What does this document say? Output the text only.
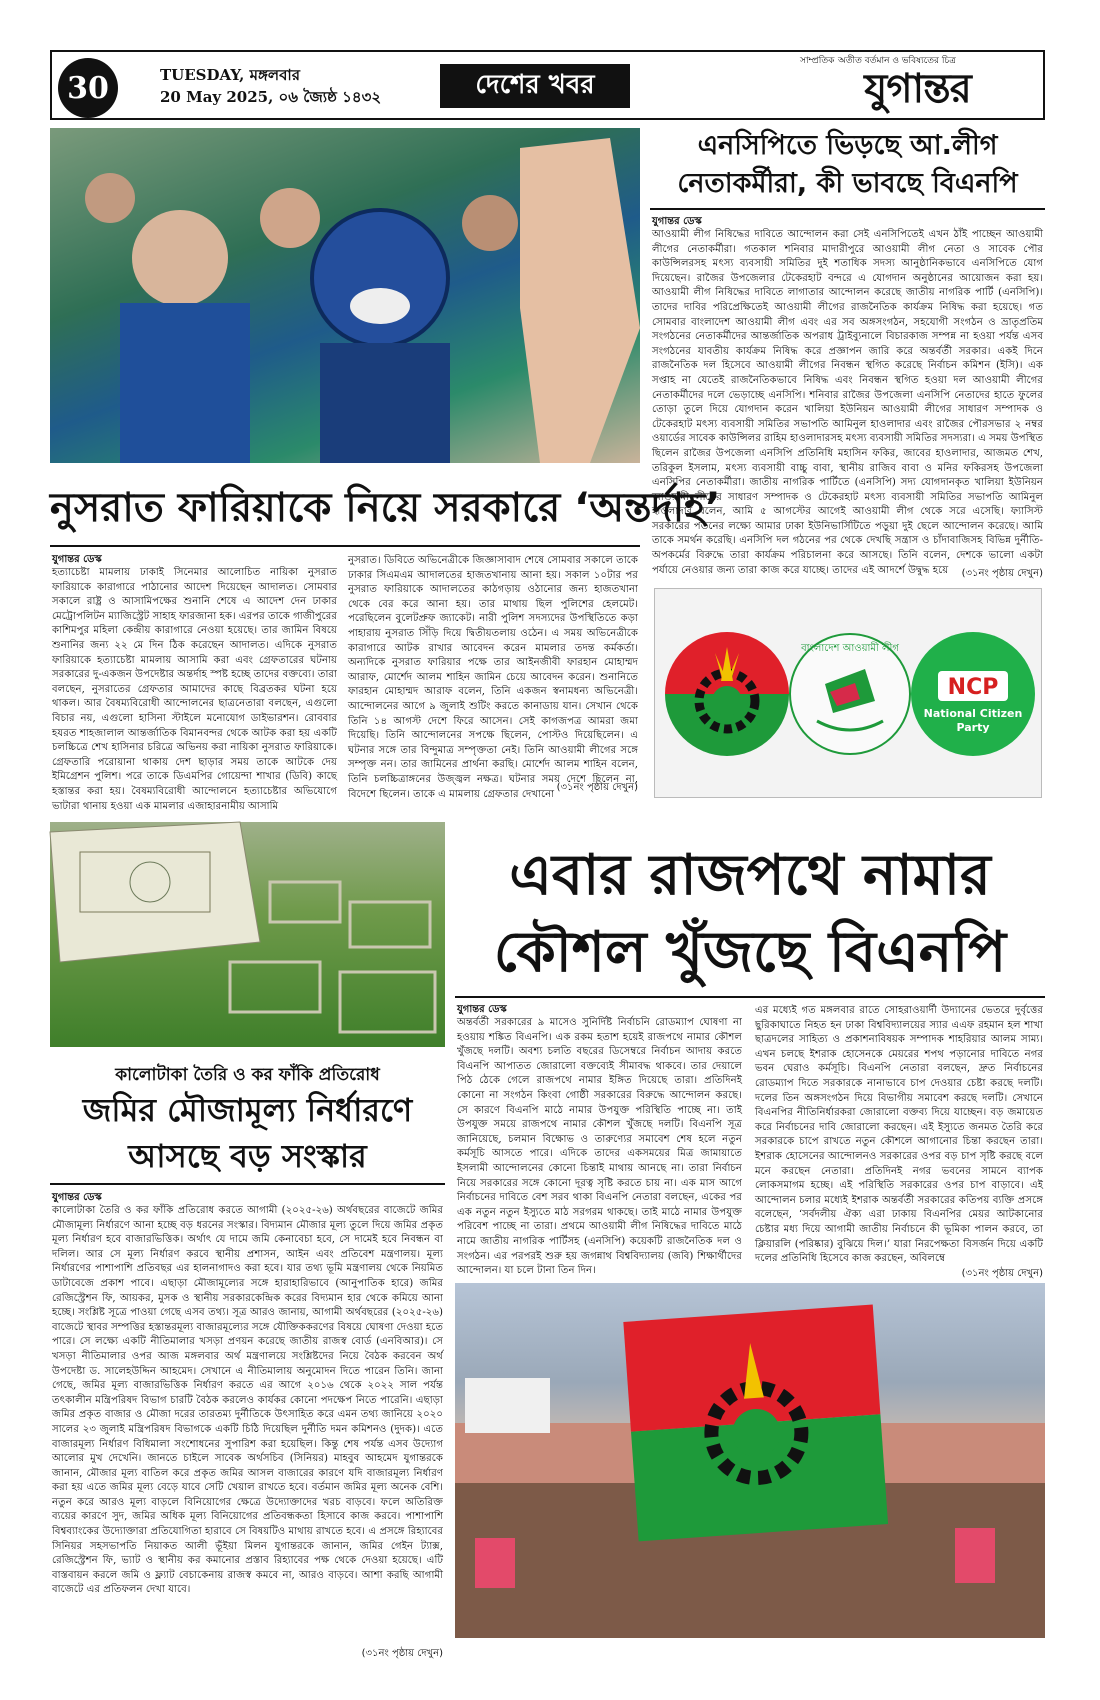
30	TUESDAY, মঙ্গলবার
20 May 2025, ০৬ জ্যৈষ্ঠ ১৪৩২	দেশের খবর
সাম্প্রতিক অতীত বর্তমান ও ভবিষ্যতের চিত্র
যুগান্তর
নুসরাত ফারিয়াকে নিয়ে সরকারে ‘অন্তর্দাহ’
যুগান্তর ডেস্ক
হত্যাচেষ্টা মামলায় ঢাকাই সিনেমার আলোচিত নায়িকা নুসরাত ফারিয়াকে কারাগারে পাঠানোর আদেশ দিয়েছেন আদালত। সোমবার সকালে রাষ্ট্র ও আসামিপক্ষের শুনানি শেষে এ আদেশ দেন ঢাকার মেট্রোপলিটন ম্যাজিস্ট্রেট সাহাহ ফারজানা হক। এরপর তাকে গাজীপুরের কাশিমপুর মহিলা কেন্দ্রীয় কারাগারে নেওয়া হয়েছে। তার জামিন বিষয়ে শুনানির জন্য ২২ মে দিন ঠিক করেছেন আদালত। এদিকে নুসরাত ফারিয়াকে হত্যাচেষ্টা মামলায় আসামি করা এবং গ্রেফতারের ঘটনায় সরকারের দু-একজন উপদেষ্টার অন্তর্দাহ স্পষ্ট হচ্ছে তাদের বক্তব্যে। তারা বলছেন, নুসরাতের গ্রেফতার আমাদের কাছে বিব্রতকর ঘটনা হয়ে থাকল। আর বৈষম্যবিরোধী আন্দোলনের ছাত্রনেতারা বলছেন, এগুলো বিচার নয়, এগুলো হাসিনা স্টাইলে মনোযোগ ডাইভারশন। রোববার হযরত শাহজালাল আন্তর্জাতিক বিমানবন্দর থেকে আটক করা হয় একটি চলচ্চিত্রে শেখ হাসিনার চরিত্রে অভিনয় করা নায়িকা নুসরাত ফারিয়াকে। গ্রেফতারি পরোয়ানা থাকায় দেশ ছাড়ার সময় তাকে আটকে দেয় ইমিগ্রেশন পুলিশ। পরে তাকে ডিএমপির গোয়েন্দা শাখার (ডিবি) কাছে হস্তান্তর করা হয়। বৈষম্যবিরোধী আন্দোলনে হত্যাচেষ্টার অভিযোগে ভাটারা থানায় হওয়া এক মামলার এজাহারনামীয় আসামি
নুসরাত। ডিবিতে অভিনেত্রীকে জিজ্ঞাসাবাদ শেষে সোমবার সকালে তাকে ঢাকার সিএমএম আদালতের হাজতখানায় আনা হয়। সকাল ১০টার পর নুসরাত ফারিয়াকে আদালতের কাঠগড়ায় ওঠানোর জন্য হাজতখানা থেকে বের করে আনা হয়। তার মাথায় ছিল পুলিশের হেলমেট। পরেছিলেন বুলেটপ্রুফ জ্যাকেট। নারী পুলিশ সদস্যদের উপস্থিতিতে কড়া পাহারায় নুসরাত সিঁড়ি দিয়ে দ্বিতীয়তলায় ওঠেন। এ সময় অভিনেত্রীকে কারাগারে আটক রাখার আবেদন করেন মামলার তদন্ত কর্মকর্তা। অন্যদিকে নুসরাত ফারিয়ার পক্ষে তার আইনজীবী ফারহান মোহাম্মদ আরাফ, মোর্শেদ আলম শাহিন জামিন চেয়ে আবেদন করেন। শুনানিতে ফারহান মোহাম্মদ আরাফ বলেন, তিনি একজন স্বনামধন্য অভিনেত্রী। আন্দোলনের আগে ৯ জুলাই শুটিং করতে কানাডায় যান। সেখান থেকে তিনি ১৪ আগস্ট দেশে ফিরে আসেন। সেই কাগজপত্র আমরা জমা দিয়েছি। তিনি আন্দোলনের সপক্ষে ছিলেন, পোস্টও দিয়েছিলেন। এ ঘটনার সঙ্গে তার বিন্দুমাত্র সম্পৃক্ততা নেই। তিনি আওয়ামী লীগের সঙ্গে সম্পৃক্ত নন। তার জামিনের প্রার্থনা করছি। মোর্শেদ আলম শাহিন বলেন, তিনি চলচ্চিত্রাঙ্গনের উজ্জ্বল নক্ষত্র। ঘটনার সময় দেশে ছিলেন না, বিদেশে ছিলেন। তাকে এ মামলায় গ্রেফতার দেখানো
(৩১নং পৃষ্ঠায় দেখুন)
এনসিপিতে ভিড়ছে আ.লীগ
নেতাকর্মীরা, কী ভাবছে বিএনপি
যুগান্তর ডেস্ক
আওয়ামী লীগ নিষিদ্ধের দাবিতে আন্দোলন করা সেই এনসিপিতেই এখন ঠাঁই পাচ্ছেন আওয়ামী লীগের নেতাকর্মীরা। গতকাল শনিবার মাদারীপুরে আওয়ামী লীগ নেতা ও সাবেক পৌর কাউন্সিলরসহ মৎস্য ব্যবসায়ী সমিতির দুই শতাধিক সদস্য আনুষ্ঠানিকভাবে এনসিপিতে যোগ দিয়েছেন। রাজৈর উপজেলার টেকেরহাট বন্দরে এ যোগদান অনুষ্ঠানের আয়োজন করা হয়। আওয়ামী লীগ নিষিদ্ধের দাবিতে লাগাতার আন্দোলন করেছে জাতীয় নাগরিক পার্টি (এনসিপি)। তাদের দাবির পরিপ্রেক্ষিতেই আওয়ামী লীগের রাজনৈতিক কার্যক্রম নিষিদ্ধ করা হয়েছে। গত সোমবার বাংলাদেশ আওয়ামী লীগ এবং এর সব অঙ্গসংগঠন, সহযোগী সংগঠন ও ভ্রাতৃপ্রতিম সংগঠনের নেতাকর্মীদের আন্তর্জাতিক অপরাধ ট্রাইব্যুনালে বিচারকাজ সম্পন্ন না হওয়া পর্যন্ত এসব সংগঠনের যাবতীয় কার্যক্রম নিষিদ্ধ করে প্রজ্ঞাপন জারি করে অন্তর্বর্তী সরকার। একই দিনে রাজনৈতিক দল হিসেবে আওয়ামী লীগের নিবন্ধন স্থগিত করেছে নির্বাচন কমিশন (ইসি)। এক সপ্তাহ না যেতেই রাজনৈতিকভাবে নিষিদ্ধ এবং নিবন্ধন স্থগিত হওয়া দল আওয়ামী লীগের নেতাকর্মীদের দলে ভেড়াচ্ছে এনসিপি। শনিবার রাজৈর উপজেলা এনসিপি নেতাদের হাতে ফুলের তোড়া তুলে দিয়ে যোগদান করেন খালিয়া ইউনিয়ন আওয়ামী লীগের সাধারণ সম্পাদক ও টেকেরহাট মৎস্য ব্যবসায়ী সমিতির সভাপতি আমিনুল হাওলাদার এবং রাজৈর পৌরসভার ২ নম্বর ওয়ার্ডের সাবেক কাউন্সিলর রাহিম হাওলাদারসহ মৎস্য ব্যবসায়ী সমিতির সদস্যরা। এ সময় উপস্থিত ছিলেন রাজৈর উপজেলা এনসিপি প্রতিনিধি মহাসিন ফকির, জাবের হাওলাদার, আজমত শেখ, তরিকুল ইসলাম, মৎস্য ব্যবসায়ী বাচ্চু বাবা, স্থানীয় রাজিব বাবা ও মনির ফকিরসহ উপজেলা এনসিপির নেতাকর্মীরা। জাতীয় নাগরিক পার্টিতে (এনসিপি) সদ্য যোগদানকৃত খালিয়া ইউনিয়ন আওয়ামী লীগের সাধারণ সম্পাদক ও টেকেরহাট মৎস্য ব্যবসায়ী সমিতির সভাপতি আমিনুল হাওলাদার বলেন, আমি ৫ আগস্টের আগেই আওয়ামী লীগ থেকে সরে এসেছি। ফ্যাসিস্ট সরকারের পতনের লক্ষ্যে আমার ঢাকা ইউনিভার্সিটিতে পড়ুয়া দুই ছেলে আন্দোলন করেছে। আমি তাকে সমর্থন করেছি। এনসিপি দল গঠনের পর থেকে দেখছি সন্ত্রাস ও চাঁদাবাজিসহ বিভিন্ন দুর্নীতি-অপকর্মের বিরুদ্ধে তারা কার্যক্রম পরিচালনা করে আসছে। তিনি বলেন, দেশকে ভালো একটা পর্যায়ে নেওয়ার জন্য তারা কাজ করে যাচ্ছে। তাদের এই আদর্শে উদ্বুদ্ধ হয়ে	(৩১নং পৃষ্ঠায় দেখুন)
বাংলাদেশ আওয়ামী লীগ
NCP
National Citizen
Party
কালোটাকা তৈরি ও কর ফাঁকি প্রতিরোধ
জমির মৌজামূল্য নির্ধারণে
আসছে বড় সংস্কার
যুগান্তর ডেস্ক
কালোটাকা তৈরি ও কর ফাঁকি প্রতিরোধ করতে আগামী (২০২৫-২৬) অর্থবছরের বাজেটে জমির মৌজামূল্য নির্ধারণে আনা হচ্ছে বড় ধরনের সংস্কার। বিদ্যমান মৌজার মূল্য তুলে দিয়ে জমির প্রকৃত মূল্য নির্ধারণ হবে বাজারভিত্তিক। অর্থাৎ যে দামে জমি কেনাবেচা হবে, সে দামেই হবে নিবন্ধন বা দলিল। আর সে মূল্য নির্ধারণ করবে স্থানীয় প্রশাসন, আইন এবং প্রতিবেশ মন্ত্রণালয়। মূল্য নির্ধারণের পাশাপাশি প্রতিবছর এর হালনাগাদও করা হবে। যার তথ্য ভূমি মন্ত্রণালয় থেকে নিয়মিত ডাটাবেজে প্রকাশ পাবে। এছাড়া মৌজামূল্যের সঙ্গে হারাহারিভাবে (আনুপাতিক হারে) জমির রেজিস্ট্রেশন ফি, আয়কর, মুসক ও স্থানীয় সরকারকেন্দ্রিক করের বিদ্যমান হার থেকে কমিয়ে আনা হচ্ছে। সংশ্লিষ্ট সূত্রে পাওয়া গেছে এসব তথ্য। সূত্র আরও জানায়, আগামী অর্থবছরের (২০২৫-২৬) বাজেটে স্থাবর সম্পত্তির হস্তান্তরমূল্য বাজারমূল্যের সঙ্গে যৌক্তিককরণের বিষয়ে ঘোষণা দেওয়া হতে পারে। সে লক্ষ্যে একটি নীতিমালার খসড়া প্রণয়ন করেছে জাতীয় রাজস্ব বোর্ড (এনবিআর)। সে খসড়া নীতিমালার ওপর আজ মঙ্গলবার অর্থ মন্ত্রণালয়ে সংশ্লিষ্টদের নিয়ে বৈঠক করবেন অর্থ উপদেষ্টা ড. সালেহউদ্দিন আহমেদ। সেখানে এ নীতিমালায় অনুমোদন দিতে পারেন তিনি। জানা গেছে, জমির মূল্য বাজারভিত্তিক নির্ধারণ করতে এর আগে ২০১৬ থেকে ২০২২ সাল পর্যন্ত তৎকালীন মন্ত্রিপরিষদ বিভাগ চারটি বৈঠক করলেও কার্যকর কোনো পদক্ষেপ নিতে পারেনি। এছাড়া জমির প্রকৃত বাজার ও মৌজা দরের তারতম্য দুর্নীতিকে উৎসাহিত করে এমন তথ্য জানিয়ে ২০২০ সালের ২৩ জুলাই মন্ত্রিপরিষদ বিভাগকে একটি চিঠি দিয়েছিল দুর্নীতি দমন কমিশনও (দুদক)। এতে বাজারমূল্য নির্ধারণ বিধিমালা সংশোধনের সুপারিশ করা হয়েছিল। কিন্তু শেষ পর্যন্ত এসব উদ্যোগ আলোর মুখ দেখেনি। জানতে চাইলে সাবেক অর্থসচিব (সিনিয়র) মাহবুব আহমেদ যুগান্তরকে জানান, মৌজার মূল্য বাতিল করে প্রকৃত জমির আসল বাজারের কারণে যদি বাজারমূল্য নির্ধারণ করা হয় এতে জমির মূল্য বেড়ে যাবে সেটি খেয়াল রাখতে হবে। বর্তমান জমির মূল্য অনেক বেশি। নতুন করে আরও মূল্য বাড়লে বিনিয়োগের ক্ষেত্রে উদ্যোক্তাদের খরচ বাড়বে। ফলে অতিরিক্ত ব্যয়ের কারণে সুদ, জমির অধিক মূল্য বিনিয়োগের প্রতিবন্ধকতা হিসাবে কাজ করবে। পাশাপাশি বিশ্বব্যাংকের উদ্যোক্তারা প্রতিযোগিতা হারাবে সে বিষয়টিও মাথায় রাখতে হবে। এ প্রসঙ্গে রিহ্যাবের সিনিয়র সহসভাপতি নিয়াকত আলী ভূঁইয়া মিলন যুগান্তরকে জানান, জমির গেইন ট্যাক্স, রেজিস্ট্রেশন ফি, ভ্যাট ও স্থানীয় কর কমানোর প্রস্তাব রিহ্যাবের পক্ষ থেকে দেওয়া হয়েছে। এটি বাস্তবায়ন করলে জমি ও ফ্ল্যাট বেচাকেনায় রাজস্ব কমবে না, আরও বাড়বে। আশা করছি আগামী বাজেটে এর প্রতিফলন দেখা যাবে।
(৩১নং পৃষ্ঠায় দেখুন)
এবার রাজপথে নামার
কৌশল খুঁজছে বিএনপি
যুগান্তর ডেস্ক
অন্তর্বর্তী সরকারের ৯ মাসেও সুনির্দিষ্ট নির্বাচনি রোডম্যাপ ঘোষণা না হওয়ায় শঙ্কিত বিএনপি। এক রকম হতাশ হয়েই রাজপথে নামার কৌশল খুঁজছে দলটি। অবশ্য চলতি বছরের ডিসেম্বরে নির্বাচন আদায় করতে বিএনপি আপাতত জোরালো বক্তব্যেই সীমাবদ্ধ থাকবে। তার দেয়ালে পিঠ ঠেকে গেলে রাজপথে নামার ইঙ্গিত দিয়েছে তারা। প্রতিদিনই কোনো না সংগঠন কিংবা গোষ্ঠী সরকারের বিরুদ্ধে আন্দোলন করছে। সে কারণে বিএনপি মাঠে নামার উপযুক্ত পরিস্থিতি পাচ্ছে না। তাই উপযুক্ত সময়ে রাজপথে নামার কৌশল খুঁজছে দলটি। বিএনপি সূত্র জানিয়েছে, চলমান বিক্ষোভ ও তারুণ্যের সমাবেশ শেষ হলে নতুন কর্মসূচি আসতে পারে। এদিকে তাদের একসময়ের মিত্র জামায়াতে ইসলামী আন্দোলনের কোনো চিন্তাই মাথায় আনছে না। তারা নির্বাচন নিয়ে সরকারের সঙ্গে কোনো দূরত্ব সৃষ্টি করতে চায় না। এক মাস আগে নির্বাচনের দাবিতে বেশ সরব থাকা বিএনপি নেতারা বলছেন, একের পর এক নতুন নতুন ইস্যুতে মাঠ সরগরম থাকছে। তাই মাঠে নামার উপযুক্ত পরিবেশ পাচ্ছে না তারা। প্রথমে আওয়ামী লীগ নিষিদ্ধের দাবিতে মাঠে নামে জাতীয় নাগরিক পার্টিসহ (এনসিপি) কয়েকটি রাজনৈতিক দল ও সংগঠন। এর পরপরই শুরু হয় জগন্নাথ বিশ্ববিদ্যালয় (জবি) শিক্ষার্থীদের আন্দোলন। যা চলে টানা তিন দিন।
এর মধ্যেই গত মঙ্গলবার রাতে সোহরাওয়ার্দী উদ্যানের ভেতরে দুর্বৃত্তের ছুরিকাঘাতে নিহত হন ঢাকা বিশ্ববিদ্যালয়ের স্যার এএফ রহমান হল শাখা ছাত্রদলের সাহিত্য ও প্রকাশনাবিষয়ক সম্পাদক শাহরিয়ার আলম সাম্য। এখন চলছে ইশরাক হোসেনকে মেয়রের শপথ পড়ানোর দাবিতে নগর ভবন ঘেরাও কর্মসূচি। বিএনপি নেতারা বলছেন, দ্রুত নির্বাচনের রোডম্যাপ দিতে সরকারকে নানাভাবে চাপ দেওয়ার চেষ্টা করছে দলটি। দলের তিন অঙ্গসংগঠন দিয়ে বিভাগীয় সমাবেশ করছে দলটি। সেখানে বিএনপির নীতিনির্ধারকরা জোরালো বক্তব্য দিয়ে যাচ্ছেন। বড় জমায়েত করে নির্বাচনের দাবি জোরালো করছেন। এই ইস্যুতে জনমত তৈরি করে সরকারকে চাপে রাখতে নতুন কৌশলে আগানোর চিন্তা করছেন তারা। ইশরাক হোসেনের আন্দোলনও সরকারের ওপর বড় চাপ সৃষ্টি করছে বলে মনে করছেন নেতারা। প্রতিদিনই নগর ভবনের সামনে ব্যাপক লোকসমাগম হচ্ছে। এই পরিস্থিতি সরকারের ওপর চাপ বাড়াবে। এই আন্দোলন চলার মধ্যেই ইশরাক অন্তর্বর্তী সরকারের কতিপয় ব্যক্তি প্রসঙ্গে বলেছেন, ‘সর্বদলীয় ঐক্য এরা ঢাকায় বিএনপির মেয়র আটকানোর চেষ্টার মধ্য দিয়ে আগামী জাতীয় নির্বাচনে কী ভূমিকা পালন করবে, তা ক্লিয়ারলি (পরিষ্কার) বুঝিয়ে দিল।’ যারা নিরপেক্ষতা বিসর্জন দিয়ে একটি দলের প্রতিনিধি হিসেবে কাজ করছেন, অবিলম্বে
(৩১নং পৃষ্ঠায় দেখুন)
